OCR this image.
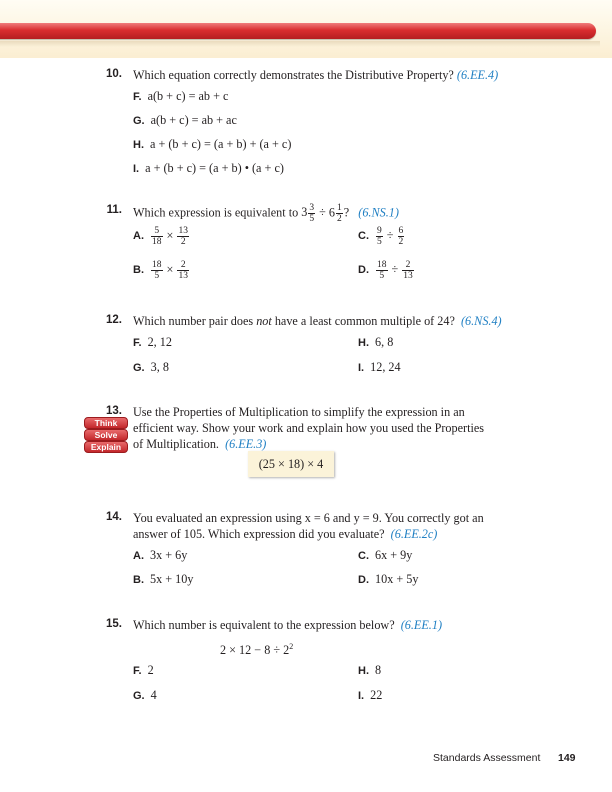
10. Which equation correctly demonstrates the Distributive Property? (6.EE.4)
F. a(b + c) = ab + c
G. a(b + c) = ab + ac
H. a + (b + c) = (a + b) + (a + c)
I. a + (b + c) = (a + b) • (a + c)
11. Which expression is equivalent to $3 \frac{3}{5} \div 6 \frac{1}{2}$ ? (6.NS.1)
A. $\frac{5}{18} \times \frac{13}{2}$
B. $\frac{18}{5} \times \frac{2}{13}$
C. $\frac{9}{5} \div \frac{6}{2}$
D. $\frac{18}{5} \div \frac{2}{13}$
12. Which number pair does not have a least common multiple of 24? (6.NS.4)
F. 2, 12
G. 3, 8
H. 6, 8
I. 12, 24
13. Use the Properties of Multiplication to simplify the expression in an
efficient way. Show your work and explain how you used the Properties
of Multiplication. (6.EE.3)
Think
Solve
Explain
(25 × 18) × 4
14. You evaluated an expression using x = 6 and y = 9. You correctly got an
answer of 105. Which expression did you evaluate? (6.EE.2c)
A. 3x + 6y
B. 5x + 10y
C. 6x + 9y
D. 10x + 5y
15. Which number is equivalent to the expression below? (6.EE.1)
$2 \times 12 - 8 \div 2^2$
F. 2
G. 4
H. 8
I. 22
Standards Assessment 149
